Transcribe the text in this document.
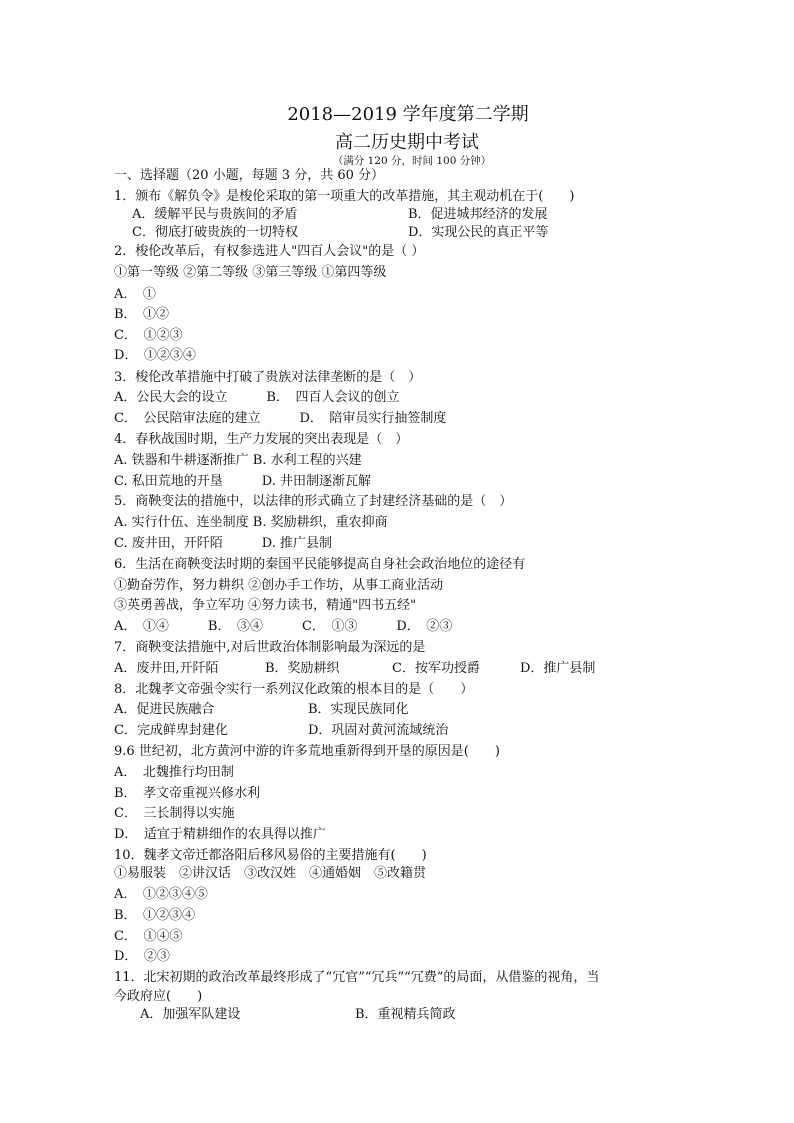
2018—2019 学年度第二学期
高二历史期中考试
（满分 120 分，时间 100 分钟）
一、选择题（20 小题，每题 3 分，共 60 分）
1．颁布《解负令》是梭伦采取的第一项重大的改革措施，其主观动机在于(　　)
A．缓解平民与贵族间的矛盾	B．促进城邦经济的发展
C．彻底打破贵族的一切特权	D．实现公民的真正平等
2．梭伦改革后，有权参选进人"四百人会议"的是（ ）
①第一等级 ②第二等级 ③第三等级 ①第四等级
A．　①
B．　①②
C．　①②③
D．　①②③④
3．梭伦改革措施中打破了贵族对法律垄断的是（　）
A．公民大会的设立　　　B．　四百人会议的创立
C．　公民陪审法庭的建立　　　D．　陪审员实行抽签制度
4．春秋战国时期，生产力发展的突出表现是（　）
A. 铁器和牛耕逐渐推广 B. 水利工程的兴建
C. 私田荒地的开垦　　　D. 井田制逐渐瓦解
5．商鞅变法的措施中，以法律的形式确立了封建经济基础的是（　）
A. 实行什伍、连坐制度 B. 奖励耕织，重农抑商
C. 废井田，开阡陌　　　D. 推广县制
6．生活在商鞅变法时期的秦国平民能够提高自身社会政治地位的途径有
①勤奋劳作，努力耕织 ②创办手工作坊，从事工商业活动
③英勇善战，争立军功 ④努力读书，精通"四书五经"
A．　①④　　　B．　③④　　　C．　①③　　　D．　②③
7．商鞅变法措施中,对后世政治体制影响最为深远的是
A．废井田,开阡陌	B．奖励耕织	C．按军功授爵	D．推广县制
8．北魏孝文帝强令实行一系列汉化政策的根本目的是（　　）
A．促进民族融合	B．实现民族同化
C．完成鲜卑封建化	D．巩固对黄河流域统治
9.6 世纪初，北方黄河中游的许多荒地重新得到开垦的原因是(　　)
A．　北魏推行均田制
B．　孝文帝重视兴修水利
C．　三长制得以实施
D．　适宜于精耕细作的农具得以推广
10．魏孝文帝迁都洛阳后移风易俗的主要措施有(　　)
①易服装　②讲汉话　③改汉姓　④通婚姻　⑤改籍贯
A．　①②③④⑤
B．　①②③④
C．　①④⑤
D．　②③
11．北宋初期的政治改革最终形成了“冗官”“冗兵”“冗费”的局面，从借鉴的视角，当
今政府应(　　)
A．加强军队建设	B．重视精兵简政
